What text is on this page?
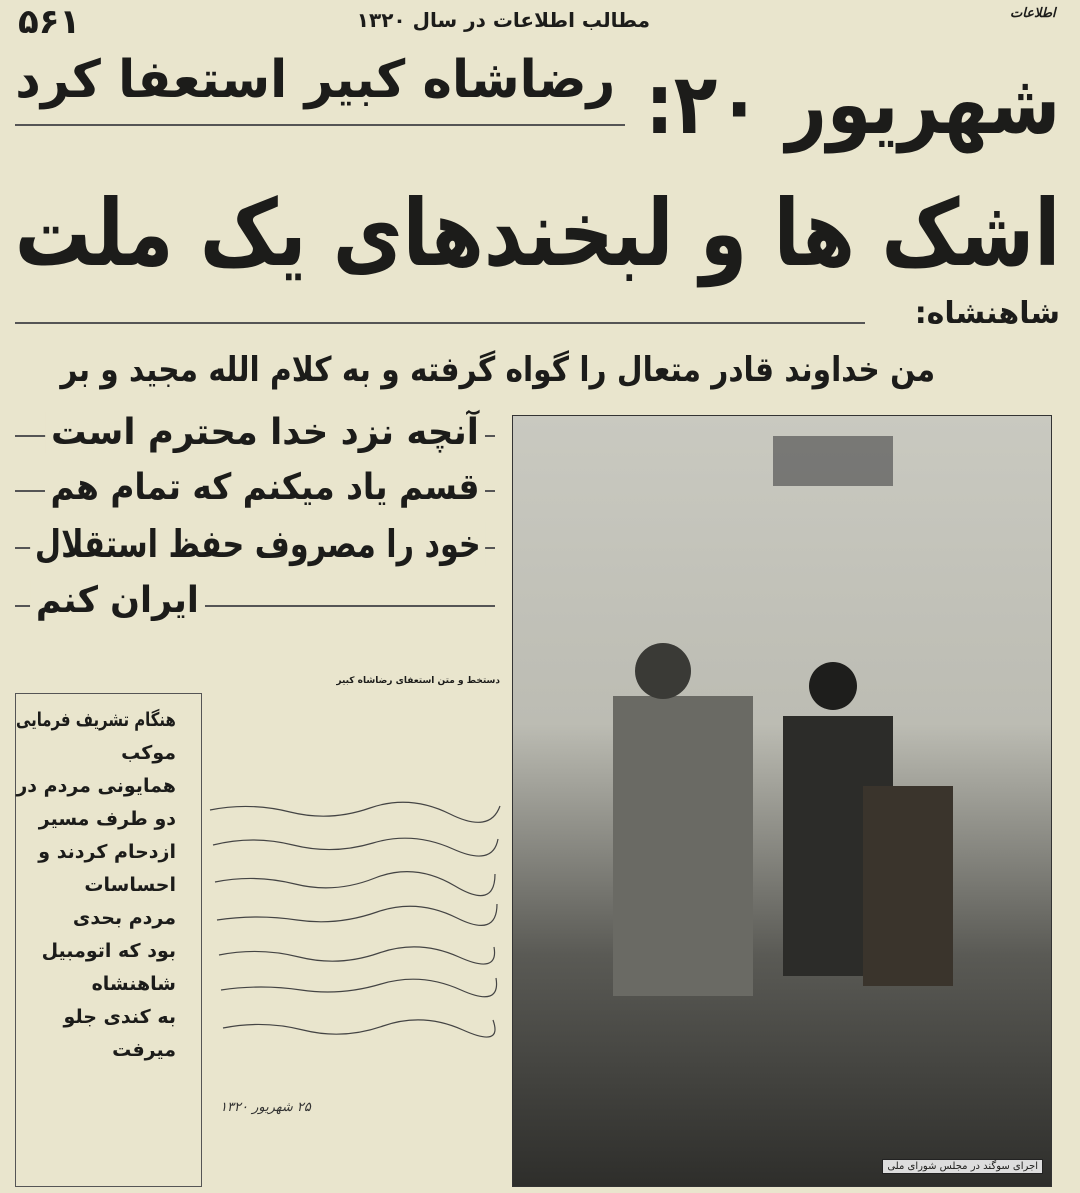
۵۶۱	مطالب اطلاعات در سال ۱۳۲۰	اطلاعات
رضاشاه کبیر استعفا کرد شهریور ۲۰:
اشک ها و لبخندهای یک ملت
شاهنشاه:
من خداوند قادر متعال را گواه گرفته و به کلام الله مجید و بر
آنچه نزد خدا محترم است
قسم یاد میکنم که تمام هم
خود را مصروف حفظ استقلال
ایران کنم
هنگام تشریف فرمایی
موکب
همایونی مردم در
دو طرف مسیر
ازدحام کردند و
احساسات
مردم بحدی
بود که اتومبیل
شاهنشاه
به کندی جلو
میرفت
دستخط و متن استعفای رضاشاه کبیر
۲۵ شهریور ۱۳۲۰
اجرای سوگند در مجلس شورای ملی
